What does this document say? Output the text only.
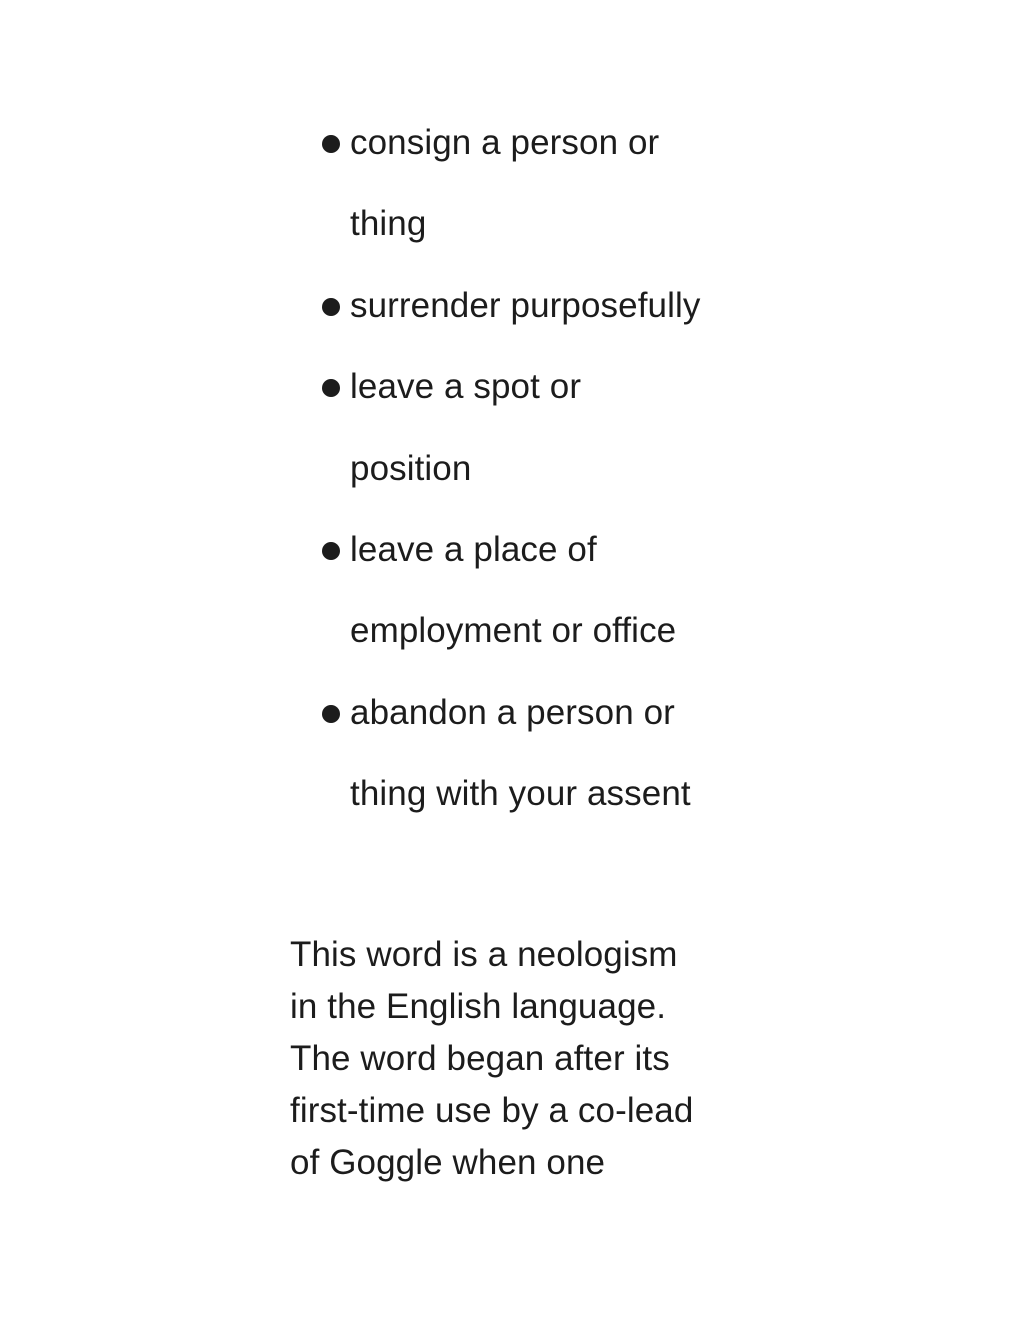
consign a person or
thing
surrender purposefully
leave a spot or
position
leave a place of
employment or office
abandon a person or
thing with your assent

This word is a neologism
in the English language.
The word began after its
first-time use by a co-lead
of Goggle when one
